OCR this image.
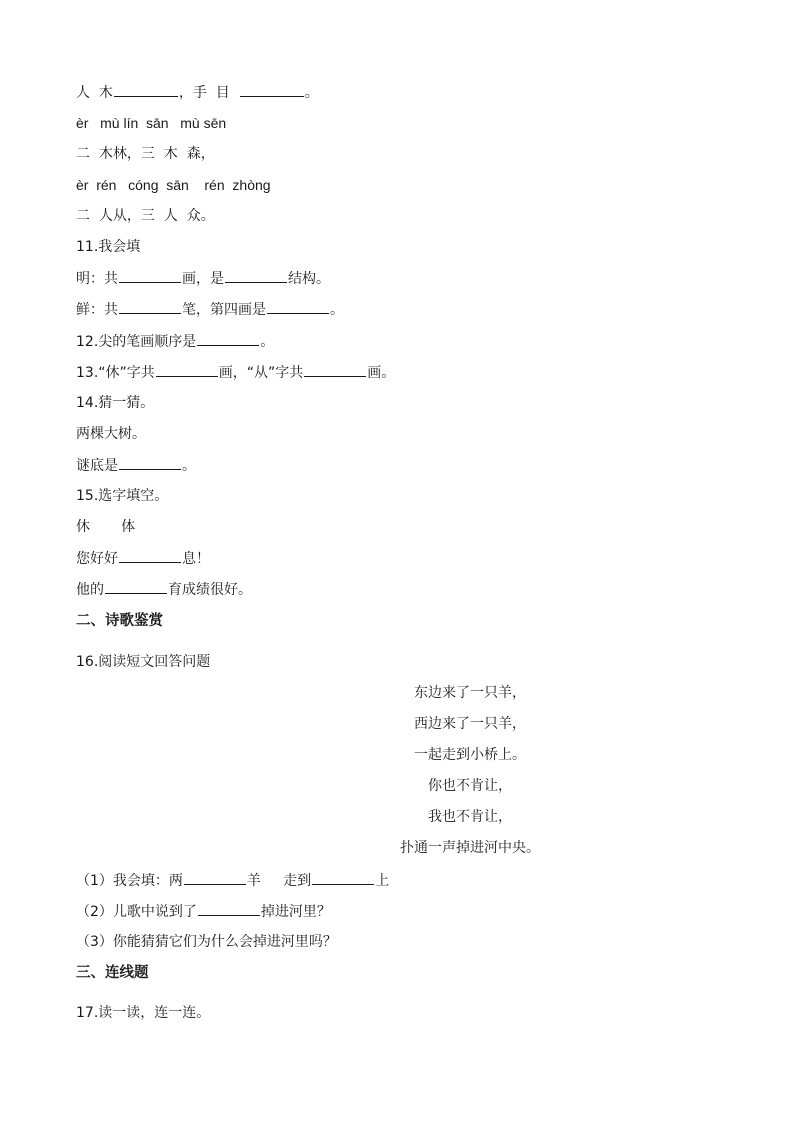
人  木	，手  目	。
èr   mù lín  sān   mù sēn
二  木林，三  木  森，
èr  rén   cóng  sān    rén  zhòng
二  人从，三  人  众。
11.我会填
明：共	画，是	结构。
鲜：共	笔，第四画是	。
12.尖的笔画顺序是	。
13.“休”字共	画，“从”字共	画。
14.猜一猜。
两棵大树。
谜底是	。
15.选字填空。
休       体
您好好	息！
他的	育成绩很好。
二、诗歌鉴赏
16.阅读短文回答问题
东边来了一只羊，
西边来了一只羊，
一起走到小桥上。
你也不肯让，
我也不肯让，
扑通一声掉进河中央。
（1）我会填：两	羊     走到	上
（2）儿歌中说到了	掉进河里？
（3）你能猜猜它们为什么会掉进河里吗？
三、连线题
17.读一读，连一连。
